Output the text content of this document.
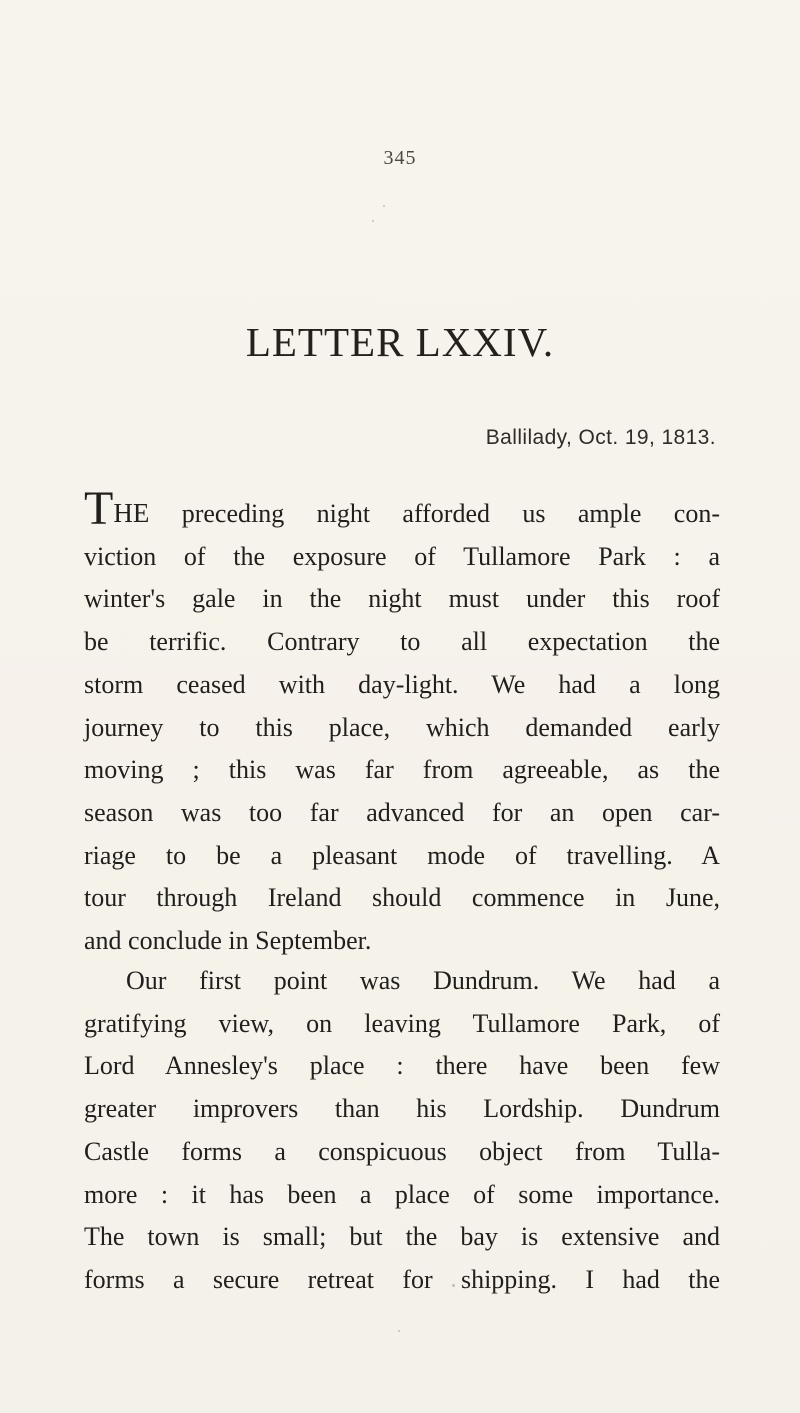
345
LETTER LXXIV.
Ballilady, Oct. 19, 1813.
THE preceding night afforded us ample con-
viction of the exposure of Tullamore Park : a
winter's gale in the night must under this roof
be terrific. Contrary to all expectation the
storm ceased with day-light. We had a long
journey to this place, which demanded early
moving ; this was far from agreeable, as the
season was too far advanced for an open car-
riage to be a pleasant mode of travelling. A
tour through Ireland should commence in June,
and conclude in September.
Our first point was Dundrum. We had a
gratifying view, on leaving Tullamore Park, of
Lord Annesley's place : there have been few
greater improvers than his Lordship. Dundrum
Castle forms a conspicuous object from Tulla-
more : it has been a place of some importance.
The town is small; but the bay is extensive and
forms a secure retreat for shipping. I had the
